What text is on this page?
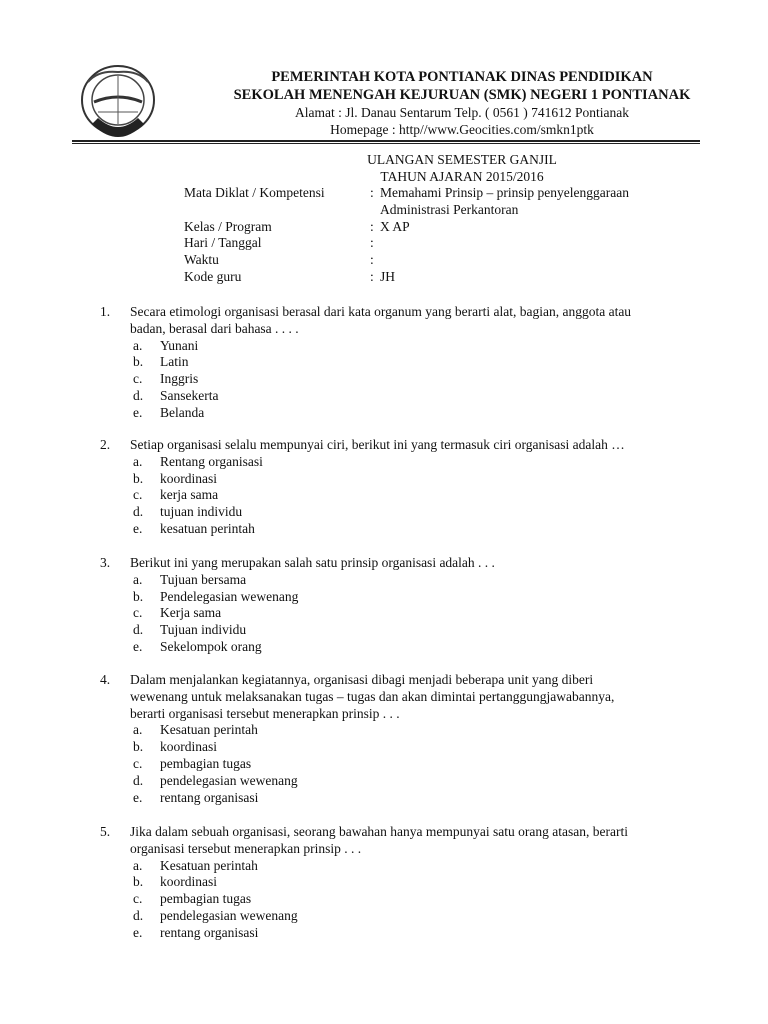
PEMERINTAH KOTA PONTIANAK DINAS PENDIDIKAN
SEKOLAH MENENGAH KEJURUAN (SMK) NEGERI 1 PONTIANAK
Alamat : Jl. Danau Sentarum Telp. ( 0561 ) 741612 Pontianak
Homepage : http//www.Geocities.com/smkn1ptk
ULANGAN SEMESTER GANJIL
TAHUN AJARAN 2015/2016
Mata Diklat / Kompetensi	: Memahami Prinsip – prinsip penyelenggaraan
Administrasi Perkantoran
Kelas / Program	: X AP
Hari / Tanggal	:
Waktu	:
Kode guru	: JH
1.	Secara etimologi organisasi berasal dari kata organum yang berarti alat, bagian, anggota atau
badan, berasal dari bahasa . . . .
a.	Yunani
b.	Latin
c.	Inggris
d.	Sansekerta
e.	Belanda
2.	Setiap organisasi selalu mempunyai ciri, berikut ini yang termasuk ciri organisasi adalah …
a.	Rentang organisasi
b.	koordinasi
c.	kerja sama
d.	tujuan individu
e.	kesatuan perintah
3.	Berikut ini yang merupakan salah satu prinsip organisasi adalah . . .
a.	Tujuan bersama
b.	Pendelegasian wewenang
c.	Kerja sama
d.	Tujuan individu
e.	Sekelompok orang
4.	Dalam menjalankan kegiatannya, organisasi dibagi menjadi beberapa unit yang diberi
wewenang untuk melaksanakan tugas – tugas dan akan dimintai pertanggungjawabannya,
berarti organisasi tersebut menerapkan prinsip . . .
a.	Kesatuan perintah
b.	koordinasi
c.	pembagian tugas
d.	pendelegasian wewenang
e.	rentang organisasi
5.	Jika dalam sebuah organisasi, seorang bawahan hanya mempunyai satu orang atasan, berarti
organisasi tersebut menerapkan prinsip . . .
a.	Kesatuan perintah
b.	koordinasi
c.	pembagian tugas
d.	pendelegasian wewenang
e.	rentang organisasi
